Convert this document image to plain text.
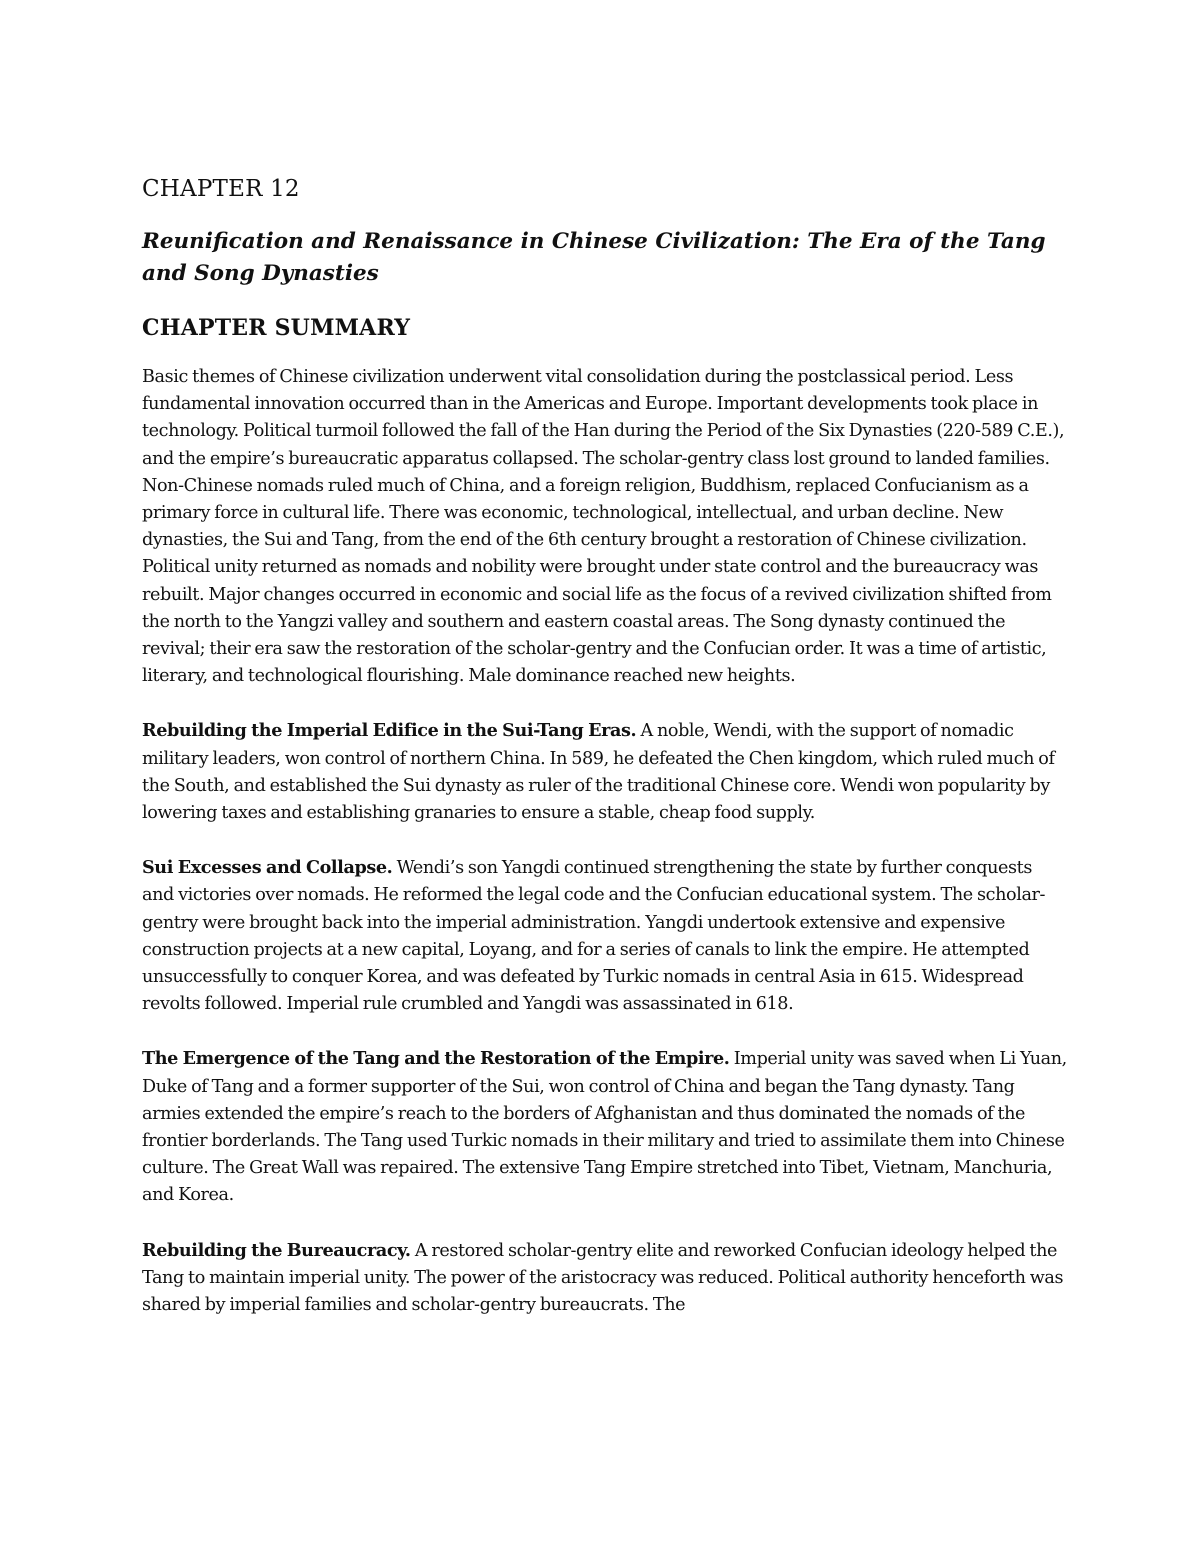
CHAPTER 12
Reunification and Renaissance in Chinese Civilization: The Era of the Tang and Song Dynasties
CHAPTER SUMMARY

Basic themes of Chinese civilization underwent vital consolidation during the postclassical period. Less fundamental innovation occurred than in the Americas and Europe. Important developments took place in technology. Political turmoil followed the fall of the Han during the Period of the Six Dynasties (220-589 C.E.), and the empire’s bureaucratic apparatus collapsed. The scholar-gentry class lost ground to landed families. Non-Chinese nomads ruled much of China, and a foreign religion, Buddhism, replaced Confucianism as a primary force in cultural life. There was economic, technological, intellectual, and urban decline. New dynasties, the Sui and Tang, from the end of the 6th century brought a restoration of Chinese civilization. Political unity returned as nomads and nobility were brought under state control and the bureaucracy was rebuilt. Major changes occurred in economic and social life as the focus of a revived civilization shifted from the north to the Yangzi valley and southern and eastern coastal areas. The Song dynasty continued the revival; their era saw the restoration of the scholar-gentry and the Confucian order. It was a time of artistic, literary, and technological flourishing. Male dominance reached new heights.

Rebuilding the Imperial Edifice in the Sui-Tang Eras. A noble, Wendi, with the support of nomadic military leaders, won control of northern China. In 589, he defeated the Chen kingdom, which ruled much of the South, and established the Sui dynasty as ruler of the traditional Chinese core. Wendi won popularity by lowering taxes and establishing granaries to ensure a stable, cheap food supply.

Sui Excesses and Collapse. Wendi’s son Yangdi continued strengthening the state by further conquests and victories over nomads. He reformed the legal code and the Confucian educational system. The scholar-gentry were brought back into the imperial administration. Yangdi undertook extensive and expensive construction projects at a new capital, Loyang, and for a series of canals to link the empire. He attempted unsuccessfully to conquer Korea, and was defeated by Turkic nomads in central Asia in 615. Widespread revolts followed. Imperial rule crumbled and Yangdi was assassinated in 618.

The Emergence of the Tang and the Restoration of the Empire. Imperial unity was saved when Li Yuan, Duke of Tang and a former supporter of the Sui, won control of China and began the Tang dynasty. Tang armies extended the empire’s reach to the borders of Afghanistan and thus dominated the nomads of the frontier borderlands. The Tang used Turkic nomads in their military and tried to assimilate them into Chinese culture. The Great Wall was repaired. The extensive Tang Empire stretched into Tibet, Vietnam, Manchuria, and Korea.

Rebuilding the Bureaucracy. A restored scholar-gentry elite and reworked Confucian ideology helped the Tang to maintain imperial unity. The power of the aristocracy was reduced. Political authority henceforth was shared by imperial families and scholar-gentry bureaucrats. The
